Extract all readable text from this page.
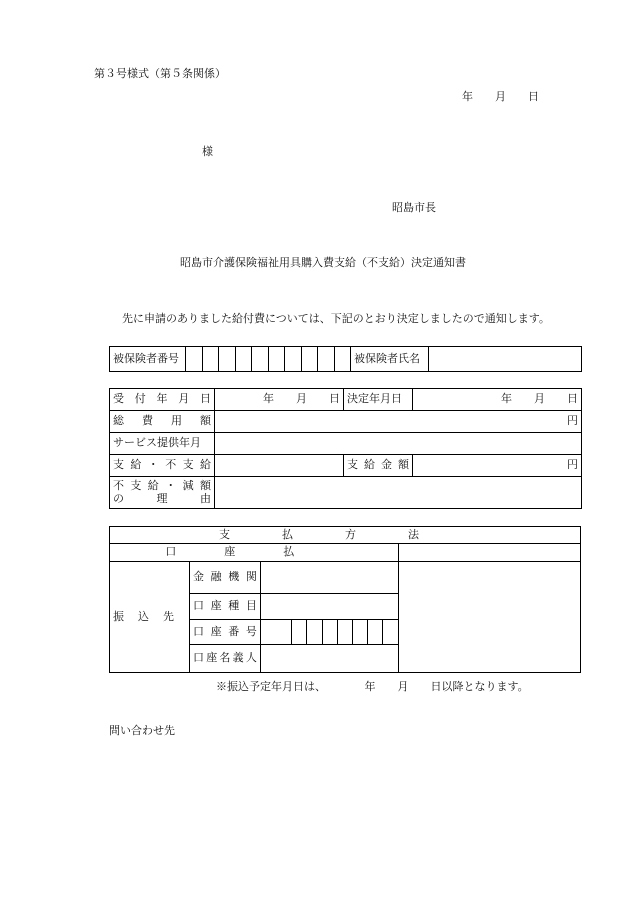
第３号様式（第５条関係）
年　　月　　日
様
昭島市長
昭島市介護保険福祉用具購入費支給（不支給）決定通知書
先に申請のありました給付費については、下記のとおり決定しましたので通知します。
被保険者番号											被保険者氏名	
受付年月日	年　　月　　日	決定年月日	年　　月　　日
総費用額	円		
サービス提供年月			
支給・不支給		支給金額	円

不支給・減額
の理由			

支払方法										
口座払										
振込先	金融機関									
	口座種目									
	口座番号									
	口座名義人									
※振込予定年月日は、　　　　年　　月　　日以降となります。
問い合わせ先
